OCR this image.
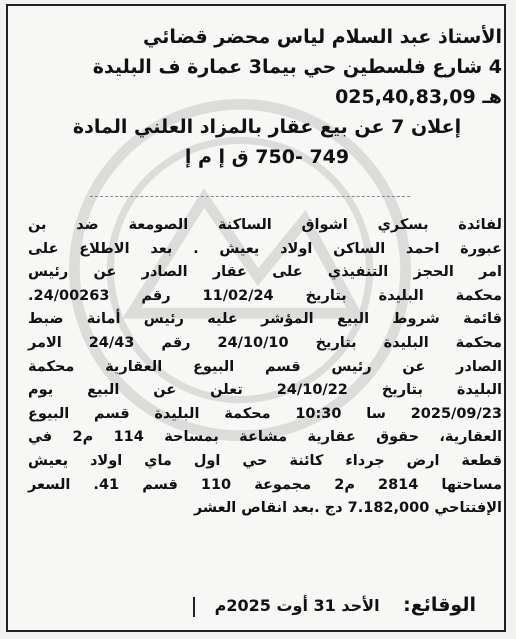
الأستاذ عبد السلام لياس محضر قضائي
4 شارع فلسطين حي بيما3 عمارة ف البليدة
هـ 025,40,83,09
إعلان 7 عن بيع عقار بالمزاد العلني المادة
749 -750 ق إ م إ
لفائدة بسكري اشواق الساكنة الصومعة ضد بن
عبورة احمد الساكن اولاد يعيش . بعد الاطلاع على
امر الحجز التنفيذي على عقار الصادر عن رئيس
محكمة البليدة بتاريخ 11/02/24 رقم 24/00263.
قائمة شروط البيع المؤشر عليه رئيس أمانة ضبط
محكمة البليدة بتاريخ 24/10/10 رقم 24/43 الامر
الصادر عن رئيس قسم البيوع العقارية محكمة
البليدة بتاريخ 24/10/22 تعلن عن البيع يوم
2025/09/23 سا 10:30 محكمة البليدة قسم البيوع
العقارية، حقوق عقارية مشاعة بمساحة 114 م2 في
قطعة ارض جرداء كائنة حي اول ماي اولاد يعيش
مساحتها 2814 م2 مجموعة 110 قسم 41. السعر
الإفتتاحي 7.182,000 دج .بعد انقاص العشر
الوقائع: الأحد 31 أوت 2025م
